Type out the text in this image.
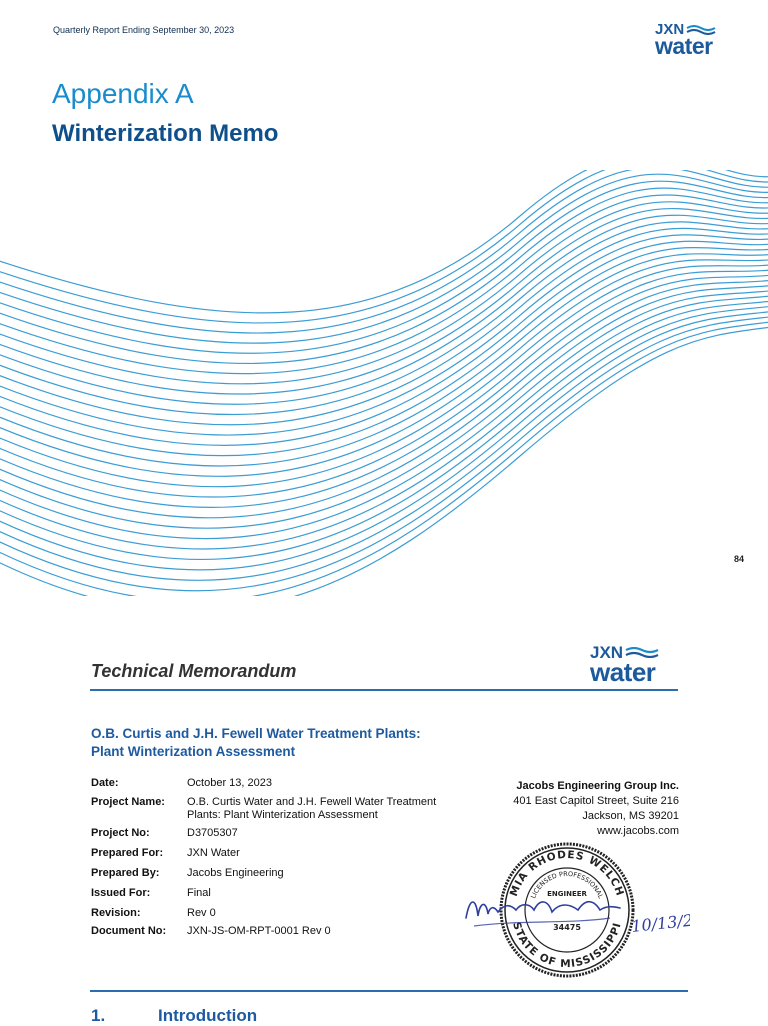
Quarterly Report Ending September 30, 2023	JXN
water
Appendix A
Winterization Memo
84
Technical Memorandum
JXN
water
O.B. Curtis and J.H. Fewell Water Treatment Plants:
Plant Winterization Assessment
Date:	October 13, 2023
Project Name:	O.B. Curtis Water and J.H. Fewell Water Treatment Plants: Plant Winterization Assessment
Project No:	D3705307
Prepared For:	JXN Water
Prepared By:	Jacobs Engineering
Issued For:	Final
Revision:	Rev 0
Document No:	JXN-JS-OM-RPT-0001 Rev 0
Jacobs Engineering Group Inc.
401 East Capitol Street, Suite 216
Jackson, MS 39201
www.jacobs.com
MIA RHODES WELCH
LICENSED PROFESSIONAL
STATE OF MISSISSIPPI
ENGINEER
34475	10/13/2023
1.	Introduction
